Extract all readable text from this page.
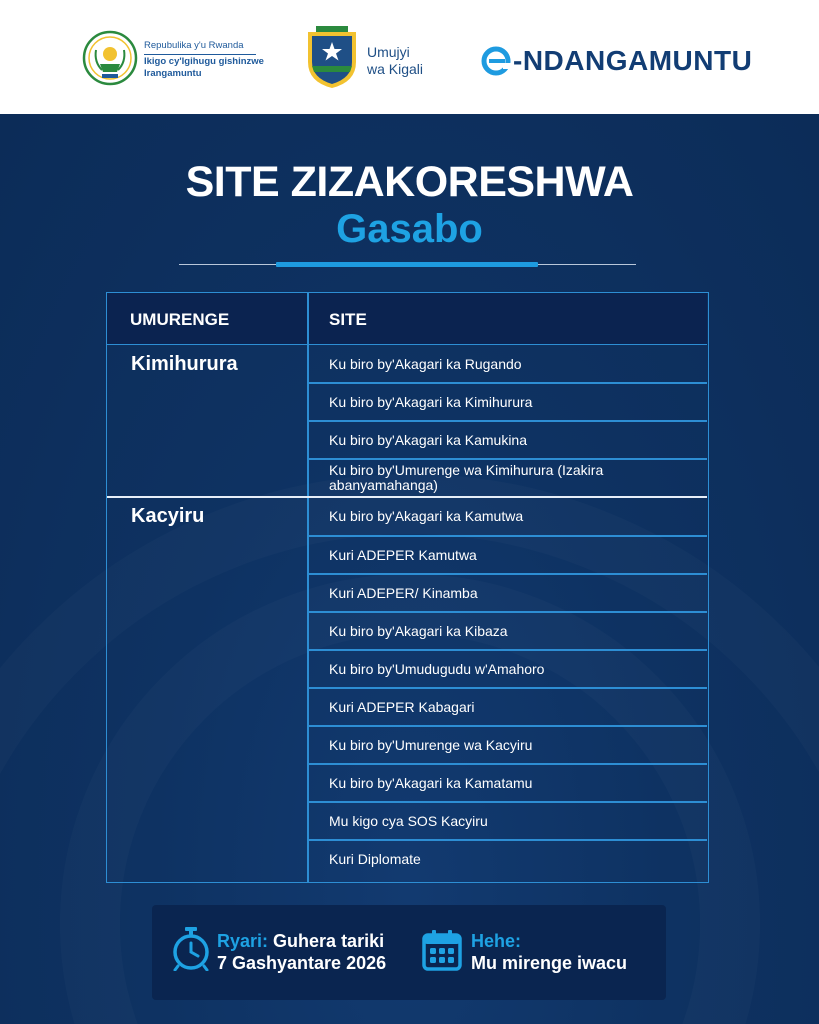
Repubulika y'u Rwanda
Ikigo cy'Igihugu gishinzwe
Irangamuntu
Umujyi
wa Kigali	-NDANGAMUNTU
SITE ZIZAKORESHWA
Gasabo
UMURENGE	SITE
Kimihurura	Ku biro by'Akagari ka Rugando
Ku biro by'Akagari ka Kimihurura
Ku biro by'Akagari ka Kamukina
Ku biro by'Umurenge wa Kimihurura (Izakira abanyamahanga)
Kacyiru	Ku biro by'Akagari ka Kamutwa
Kuri ADEPER Kamutwa
Kuri ADEPER/ Kinamba
Ku biro by'Akagari ka Kibaza
Ku biro by'Umudugudu w'Amahoro
Kuri ADEPER Kabagari
Ku biro by'Umurenge wa Kacyiru
Ku biro by'Akagari ka Kamatamu
Mu kigo cya SOS Kacyiru
Kuri Diplomate
Ryari: Guhera tariki
7 Gashyantare 2026
Hehe:
Mu mirenge iwacu
